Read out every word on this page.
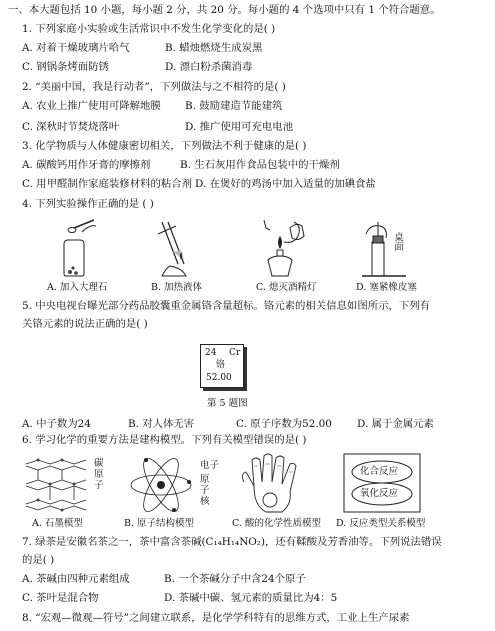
一、本大题包括 10 小题，每小题 2 分，共 20 分。每小题的 4 个选项中只有 1 个符合题意。
1. 下列家庭小实验或生活常识中不发生化学变化的是( )
A. 对着干燥玻璃片哈气	B. 蜡烛燃烧生成炭黑
C. 钢锅条烤面防锈	D. 漂白粉杀菌消毒
2. “美丽中国，我是行动者”，下列做法与之不相符的是( )
A. 农业上推广使用可降解地膜 B. 鼓励建造节能建筑
C. 深秋时节焚烧落叶	D. 推广使用可充电电池
3. 化学物质与人体健康密切相关，下列做法不利于健康的是( )
A. 碳酸钙用作牙膏的摩擦剂	B. 生石灰用作食品包装中的干燥剂
C. 用甲醛制作家庭装修材料的粘合剂 D. 在煲好的鸡汤中加入适量的加碘食盐
4. 下列实验操作正确的是 ( )
A. 加入大理石	B. 加热液体	C. 熄灭酒精灯
桌面
D. 塞紧橡皮塞
5. 中央电视台曝光部分药品胶囊重金属铬含量超标。铬元素的相关信息如图所示，下列有
关铬元素的说法正确的是( )
24 Cr
铬
52.00
第 5 题图
A. 中子数为24	B. 对人体无害	C. 原子序数为52.00 D. 属于金属元素
6. 学习化学的重要方法是建构模型。下列有关模型错误的是( )
碳原子
A. 石墨模型
电子
原子核
B. 原子结构模型	C. 酸的化学性质模型
化合反应
氧化反应
D. 反应类型关系模型
7. 绿茶是安徽名茶之一，茶中富含茶碱(C₁₄H₁₄NO₂)，还有鞣酸及芳香油等。下列说法错误
的是( )
A. 茶碱由四种元素组成	B. 一个茶碱分子中含24个原子
C. 茶叶是混合物	D. 茶碱中碳、氢元素的质量比为4：5
8. “宏观—微观—符号”之间建立联系，是化学学科特有的思维方式，工业上生产尿素
